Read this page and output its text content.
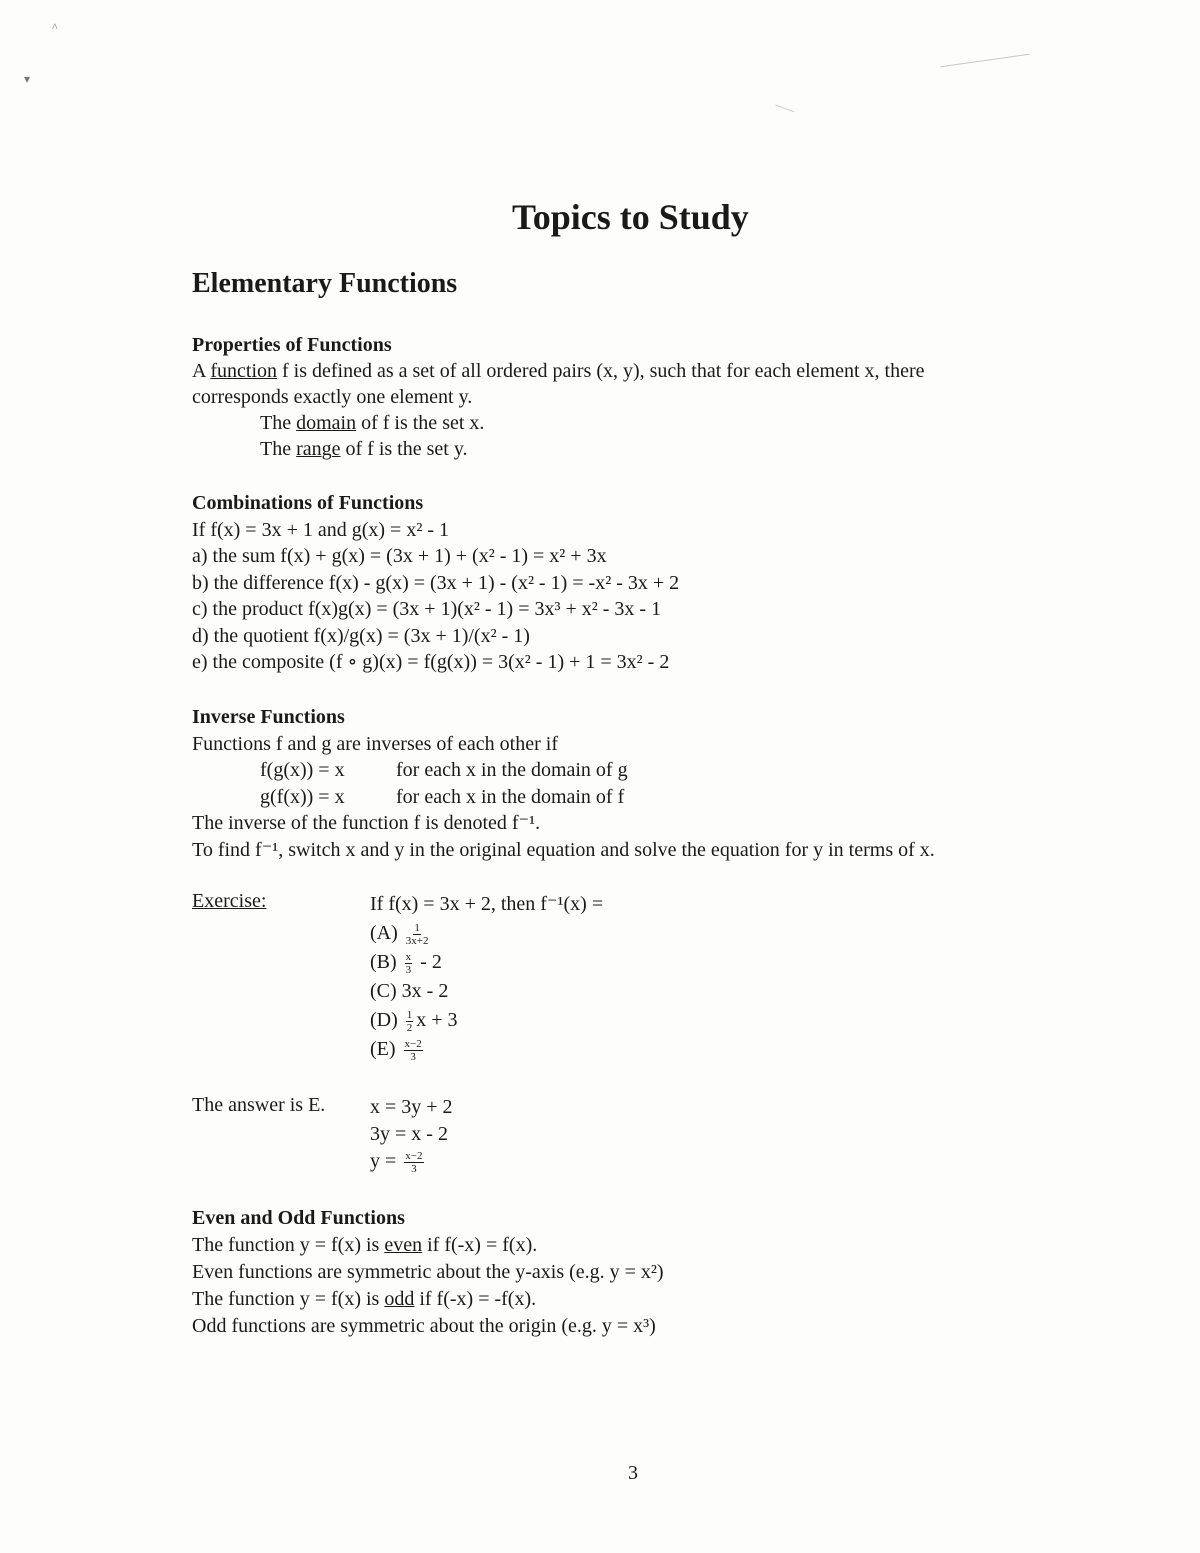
^
▾
Topics to Study
Elementary Functions
Properties of Functions
A function f is defined as a set of all ordered pairs (x, y), such that for each element x, there
corresponds exactly one element y.
The domain of f is the set x.
The range of f is the set y.
Combinations of Functions
If f(x) = 3x + 1 and g(x) = x² - 1
a) the sum f(x) + g(x) = (3x + 1) + (x² - 1) = x² + 3x
b) the difference f(x) - g(x) = (3x + 1) - (x² - 1) = -x² - 3x + 2
c) the product f(x)g(x) = (3x + 1)(x² - 1) = 3x³ + x² - 3x - 1
d) the quotient f(x)/g(x) = (3x + 1)/(x² - 1)
e) the composite (f ∘ g)(x) = f(g(x)) = 3(x² - 1) + 1 = 3x² - 2
Inverse Functions
Functions f and g are inverses of each other if
f(g(x)) = x	for each x in the domain of g
g(f(x)) = x	for each x in the domain of f
The inverse of the function f is denoted f⁻¹.
To find f⁻¹, switch x and y in the original equation and solve the equation for y in terms of x.
Exercise:	If f(x) = 3x + 2, then f⁻¹(x) =
$(A) \frac{1}{3x+2}$
$(B) \frac{x}{3} - 2$
(C) 3x - 2
$(D) \frac{1}{2}$ x + 3
$(E) \frac{x-2}{3}$
The answer is E. x = 3y + 2
3y = x - 2
$y = \frac{x-2}{3}$
Even and Odd Functions
The function y = f(x) is even if f(-x) = f(x).
Even functions are symmetric about the y-axis (e.g. y = x²)
The function y = f(x) is odd if f(-x) = -f(x).
Odd functions are symmetric about the origin (e.g. y = x³)
3
